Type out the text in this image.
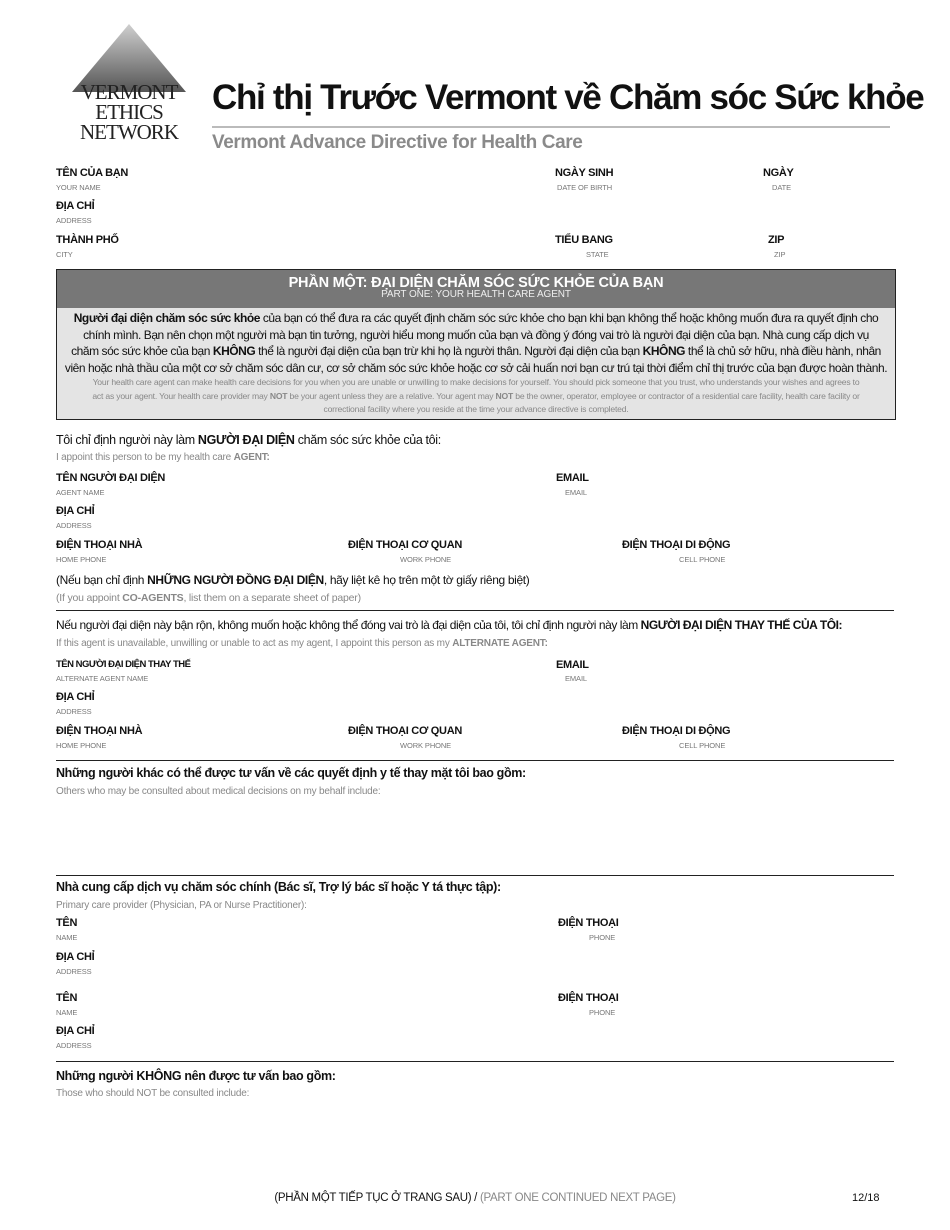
VERMONT
ETHICS
NETWORK
Chỉ thị Trước Vermont về Chăm sóc Sức khỏe
Vermont Advance Directive for Health Care
TÊN CỦA BẠN
YOUR NAME
NGÀY SINH
DATE OF BIRTH
NGÀY
DATE
ĐỊA CHỈ
ADDRESS
THÀNH PHỐ
CITY
TIỂU BANG
STATE
ZIP
ZIP
PHẦN MỘT: ĐẠI DIỆN CHĂM SÓC SỨC KHỎE CỦA BẠN
PART ONE: YOUR HEALTH CARE AGENT
Người đại diện chăm sóc sức khỏe của bạn có thể đưa ra các quyết định chăm sóc sức khỏe cho bạn khi bạn không thể hoặc không muốn đưa ra quyết định cho
chính mình. Bạn nên chọn một người mà bạn tin tưởng, người hiểu mong muốn của bạn và đồng ý đóng vai trò là người đại diện của bạn. Nhà cung cấp dịch vụ
chăm sóc sức khỏe của bạn KHÔNG thể là người đại diện của bạn trừ khi họ là người thân. Người đại diện của bạn KHÔNG thể là chủ sở hữu, nhà điều hành, nhân
viên hoặc nhà thầu của một cơ sở chăm sóc dân cư, cơ sở chăm sóc sức khỏe hoặc cơ sở cải huấn nơi bạn cư trú tại thời điểm chỉ thị trước của bạn được hoàn thành.
Your health care agent can make health care decisions for you when you are unable or unwilling to make decisions for yourself. You should pick someone that you trust, who understands your wishes and agrees to
act as your agent. Your health care provider may NOT be your agent unless they are a relative. Your agent may NOT be the owner, operator, employee or contractor of a residential care facility, health care facility or
correctional facility where you reside at the time your advance directive is completed.
Tôi chỉ định người này làm NGƯỜI ĐẠI DIỆN chăm sóc sức khỏe của tôi:
I appoint this person to be my health care AGENT:
TÊN NGƯỜI ĐẠI DIỆN
AGENT NAME
EMAIL
EMAIL
ĐỊA CHỈ
ADDRESS
ĐIỆN THOẠI NHÀ
HOME PHONE
ĐIỆN THOẠI CƠ QUAN
WORK PHONE
ĐIỆN THOẠI DI ĐỘNG
CELL PHONE
(Nếu bạn chỉ định NHỮNG NGƯỜI ĐỒNG ĐẠI DIỆN, hãy liệt kê họ trên một tờ giấy riêng biệt)
(If you appoint CO-AGENTS, list them on a separate sheet of paper)
Nếu người đại diện này bận rộn, không muốn hoặc không thể đóng vai trò là đại diện của tôi, tôi chỉ định người này làm NGƯỜI ĐẠI DIỆN THAY THẾ CỦA TÔI:
If this agent is unavailable, unwilling or unable to act as my agent, I appoint this person as my ALTERNATE AGENT:
TÊN NGƯỜI ĐẠI DIỆN THAY THẾ
ALTERNATE AGENT NAME
EMAIL
EMAIL
ĐỊA CHỈ
ADDRESS
ĐIỆN THOẠI NHÀ
HOME PHONE
ĐIỆN THOẠI CƠ QUAN
WORK PHONE
ĐIỆN THOẠI DI ĐỘNG
CELL PHONE
Những người khác có thể được tư vấn về các quyết định y tế thay mặt tôi bao gồm:
Others who may be consulted about medical decisions on my behalf include:
Nhà cung cấp dịch vụ chăm sóc chính (Bác sĩ, Trợ lý bác sĩ hoặc Y tá thực tập):
Primary care provider (Physician, PA or Nurse Practitioner):
TÊN
NAME
ĐIỆN THOẠI
PHONE
ĐỊA CHỈ
ADDRESS
TÊN
NAME
ĐIỆN THOẠI
PHONE
ĐỊA CHỈ
ADDRESS
Những người KHÔNG nên được tư vấn bao gồm:
Those who should NOT be consulted include:
(PHẦN MỘT TIẾP TỤC Ở TRANG SAU) / (PART ONE CONTINUED NEXT PAGE)	12/18
